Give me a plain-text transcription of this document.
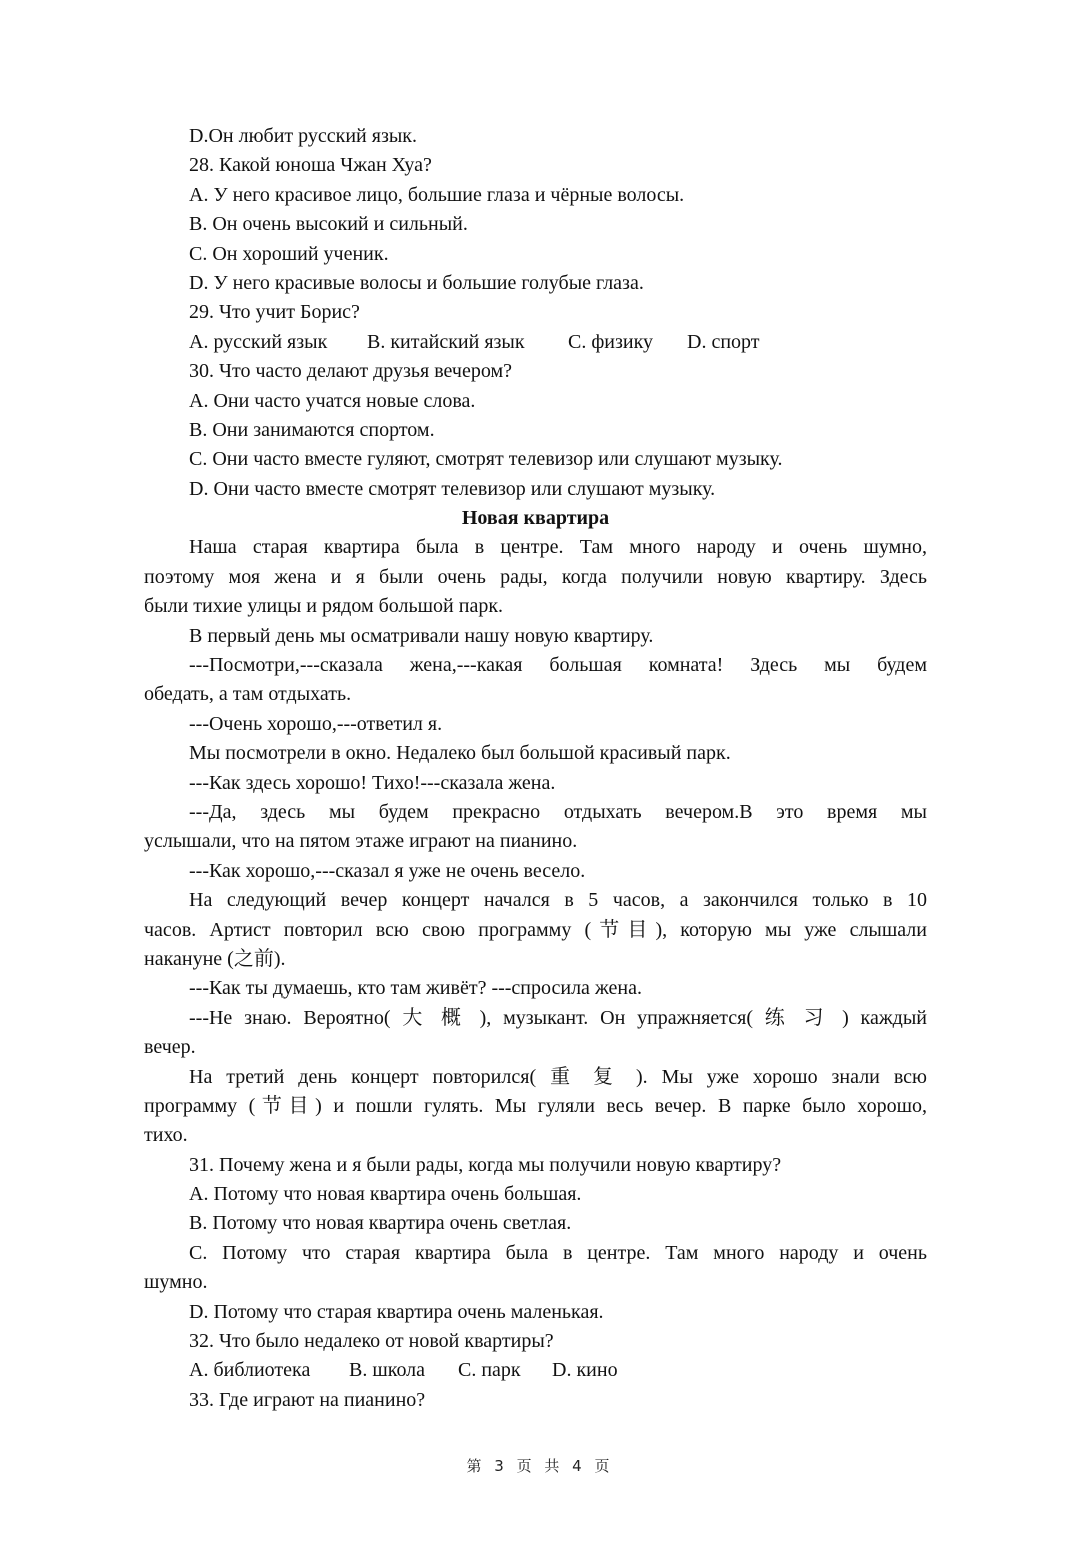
D.Он любит русский язык.
28. Какой юноша Чжан Хуа?
A. У него красивое лицо, большие глаза и чёрные волосы.
B. Он очень высокий и сильный.
C. Он хороший ученик.
D. У него красивые волосы и большие голубые глаза.
29. Что учит Борис?
A. русский язык B. китайский язык C. физику D. спорт
30. Что часто делают друзья вечером?
A. Они часто учатся новые слова.
B. Они занимаются спортом.
C. Они часто вместе гуляют, смотрят телевизор или слушают музыку.
D. Они часто вместе смотрят телевизор или слушают музыку.
Новая квартира
Наша старая квартира была в центре. Там много народу и очень шумно,
поэтому моя жена и я были очень рады, когда получили новую квартиру. Здесь
были тихие улицы и рядом большой парк.
В первый день мы осматривали нашу новую квартиру.
---Посмотри,---сказала жена,---какая большая комната! Здесь мы будем
обедать, а там отдыхать.
---Очень хорошо,---ответил я.
Мы посмотрели в окно. Недалеко был большой красивый парк.
---Как здесь хорошо! Тихо!---сказала жена.
---Да, здесь мы будем прекрасно отдыхать вечером.В это время мы
услышали, что на пятом этаже играют на пианино.
---Как хорошо,---сказал я уже не очень весело.
На следующий вечер концерт начался в 5 часов, а закончился только в 10
часов. Артист повторил всю свою программу (节目), которую мы уже слышали
накануне (之前).
---Как ты думаешь, кто там живёт? ---спросила жена.
---Не знаю. Вероятно( 大 概 ), музыкант. Он упражняется( 练 习 ) каждый
вечер.
На третий день концерт повторился( 重 复 ). Мы уже хорошо знали всю
программу (节目) и пошли гулять. Мы гуляли весь вечер. В парке было хорошо,
тихо.
31. Почему жена и я были рады, когда мы получили новую квартиру?
A. Потому что новая квартира очень большая.
B. Потому что новая квартира очень светлая.
C. Потому что старая квартира была в центре. Там много народу и очень
шумно.
D. Потому что старая квартира очень маленькая.
32. Что было недалеко от новой квартиры?
A. библиотека B. школа C. парк D. кино
33. Где играют на пианино?
第 3 页 共 4 页
